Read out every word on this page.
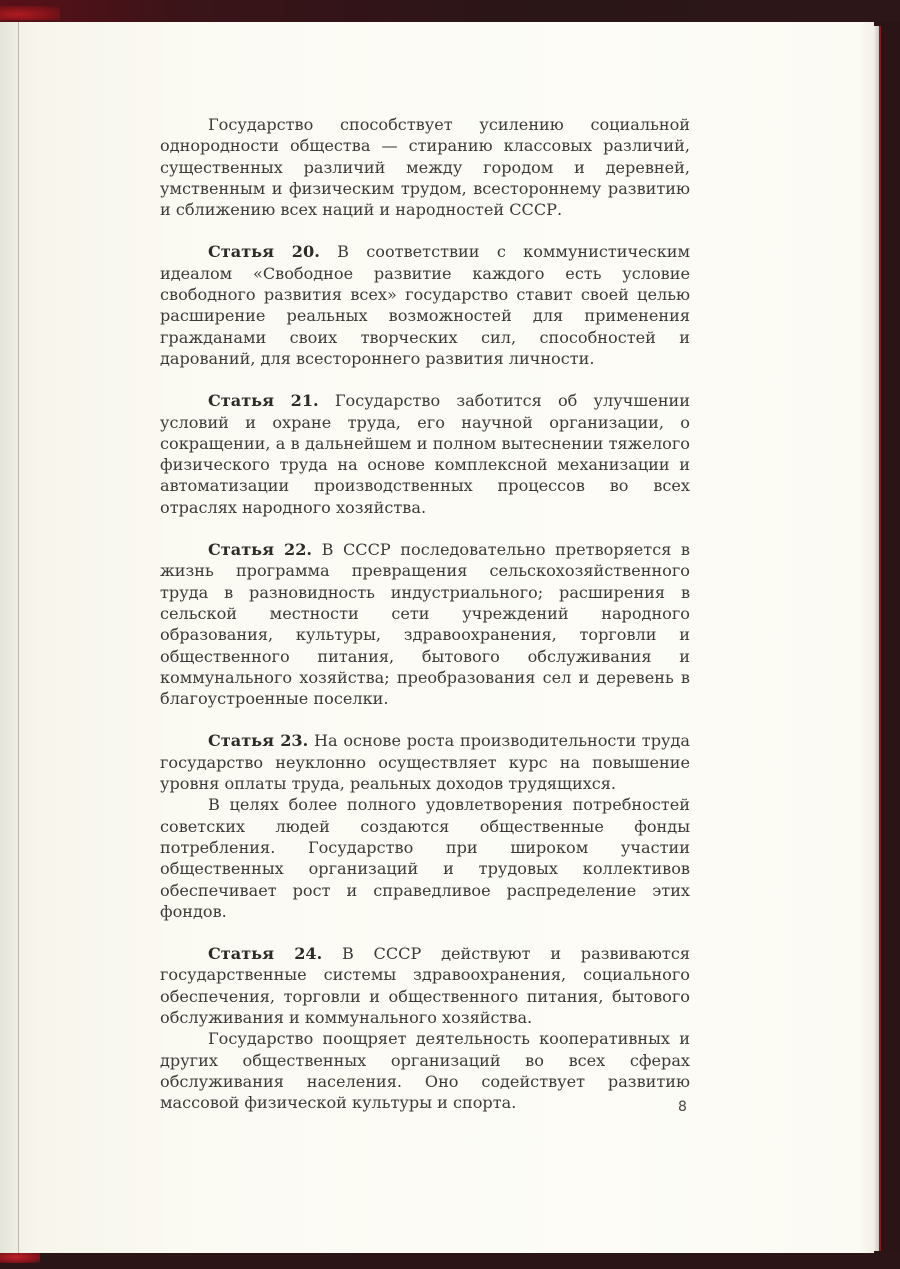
Государство способствует усилению социальной однородности общества — стиранию классовых различий, существенных различий между городом и деревней, умственным и физическим трудом, всестороннему развитию и сближению всех наций и народностей СССР.

Статья 20. В соответствии с коммунистическим идеалом «Свободное развитие каждого есть условие свободного развития всех» государство ставит своей целью расширение реальных возможностей для применения гражданами своих творческих сил, способностей и дарований, для всестороннего развития личности.

Статья 21. Государство заботится об улучшении условий и охране труда, его научной организации, о сокращении, а в дальнейшем и полном вытеснении тяжелого физического труда на основе комплексной механизации и автоматизации производственных процессов во всех отраслях народного хозяйства.

Статья 22. В СССР последовательно претворяется в жизнь программа превращения сельскохозяйственного труда в разновидность индустриального; расширения в сельской местности сети учреждений народного образования, культуры, здравоохранения, торговли и общественного питания, бытового обслуживания и коммунального хозяйства; преобразования сел и деревень в благоустроенные поселки.

Статья 23. На основе роста производительности труда государство неуклонно осуществляет курс на повышение уровня оплаты труда, реальных доходов трудящихся.

В целях более полного удовлетворения потребностей советских людей создаются общественные фонды потребления. Государство при широком участии общественных организаций и трудовых коллективов обеспечивает рост и справедливое распределение этих фондов.

Статья 24. В СССР действуют и развиваются государственные системы здравоохранения, социального обеспечения, торговли и общественного питания, бытового обслуживания и коммунального хозяйства.

Государство поощряет деятельность кооперативных и других общественных организаций во всех сферах обслуживания населения. Оно содействует развитию массовой физической культуры и спорта.	8
